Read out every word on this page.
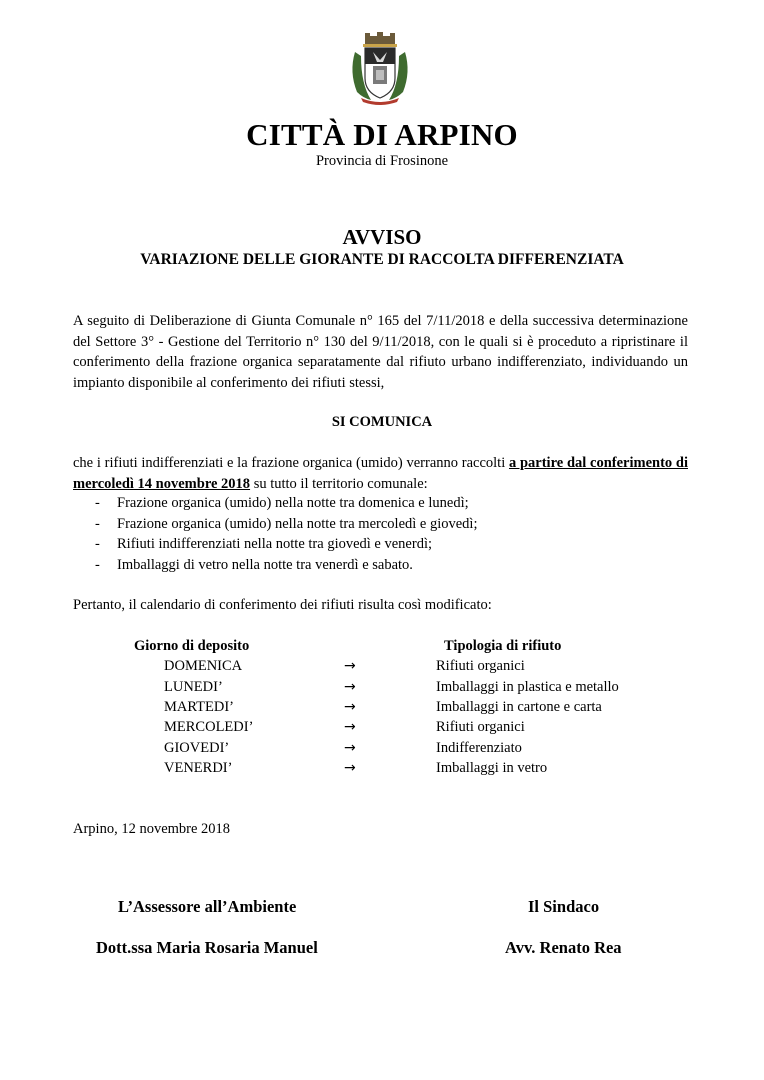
CITTÀ DI ARPINO
Provincia di Frosinone
AVVISO
VARIAZIONE DELLE GIORANTE DI RACCOLTA DIFFERENZIATA
A seguito di Deliberazione di Giunta Comunale n° 165 del 7/11/2018 e della successiva determinazione del Settore 3° - Gestione del Territorio n° 130 del 9/11/2018, con le quali si è proceduto a ripristinare il conferimento della frazione organica separatamente dal rifiuto urbano indifferenziato, individuando un impianto disponibile al conferimento dei rifiuti stessi,
SI COMUNICA
che i rifiuti indifferenziati e la frazione organica (umido) verranno raccolti a partire dal conferimento di mercoledì 14 novembre 2018 su tutto il territorio comunale:
- Frazione organica (umido) nella notte tra domenica e lunedì;
- Frazione organica (umido) nella notte tra mercoledì e giovedì;
- Rifiuti indifferenziati nella notte tra giovedì e venerdì;
- Imballaggi di vetro nella notte tra venerdì e sabato.
Pertanto, il calendario di conferimento dei rifiuti risulta così modificato:
Giorno di deposito	Tipologia di rifiuto
DOMENICA	→	Rifiuti organici
LUNEDI’	→	Imballaggi in plastica e metallo
MARTEDI’	→	Imballaggi in cartone e carta
MERCOLEDI’	→	Rifiuti organici
GIOVEDI’	→	Indifferenziato
VENERDI’	→	Imballaggi in vetro
Arpino, 12 novembre 2018
L’Assessore all’Ambiente	Il Sindaco
Dott.ssa Maria Rosaria Manuel	Avv. Renato Rea
